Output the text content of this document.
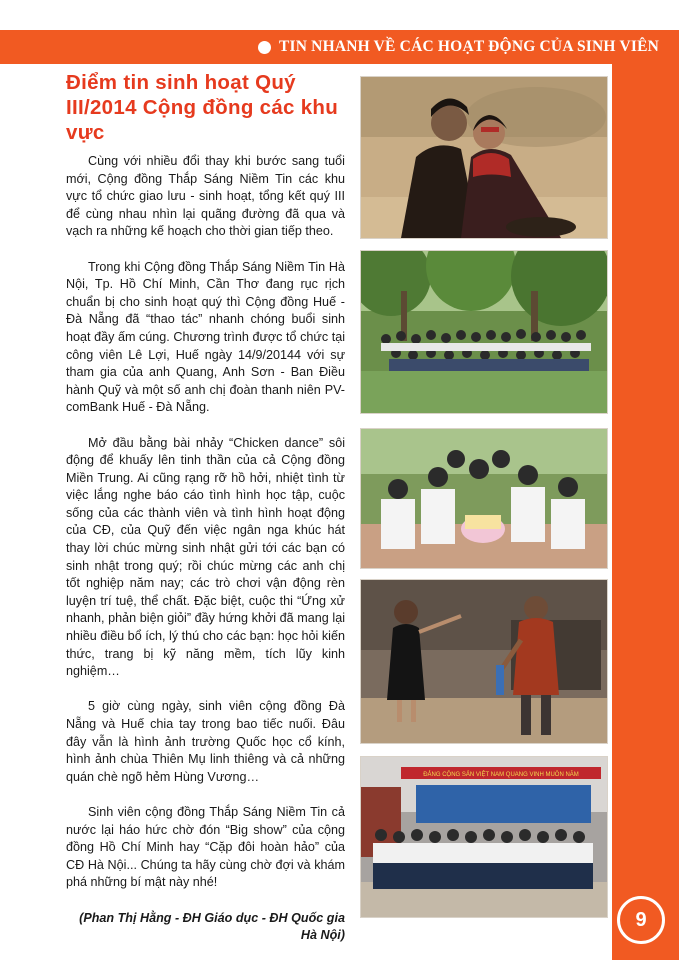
TIN NHANH VỀ CÁC HOẠT ĐỘNG CỦA SINH VIÊN
Điểm tin sinh hoạt Quý III/2014 Cộng đồng các khu vực

Cùng với nhiều đổi thay khi bước sang tuổi mới, Cộng đồng Thắp Sáng Niềm Tin các khu vực tổ chức giao lưu - sinh hoạt, tổng kết quý III để cùng nhau nhìn lại quãng đường đã qua và vạch ra những kế hoạch cho thời gian tiếp theo.

Trong khi Cộng đồng Thắp Sáng Niềm Tin Hà Nội, Tp. Hồ Chí Minh, Cần Thơ đang rục rịch chuẩn bị cho sinh hoạt quý thì Cộng đồng Huế - Đà Nẵng đã “thao tác” nhanh chóng buổi sinh hoạt đầy ấm cúng. Chương trình được tổ chức tại công viên Lê Lợi, Huế ngày 14/9/20144 với sự tham gia của anh Quang, Anh Sơn - Ban Điều hành Quỹ và một số anh chị đoàn thanh niên PV-comBank Huế - Đà Nẵng.

Mở đầu bằng bài nhảy “Chicken dance” sôi động để khuấy lên tinh thần của cả Cộng đồng Miền Trung. Ai cũng rạng rỡ hồ hởi, nhiệt tình từ việc lắng nghe báo cáo tình hình học tập, cuộc sống của các thành viên và tình hình hoạt động của CĐ, của Quỹ đến việc ngân nga khúc hát thay lời chúc mừng sinh nhật gửi tới các bạn có sinh nhật trong quý; rồi chúc mừng các anh chị tốt nghiệp năm nay; các trò chơi vận động rèn luyện trí tuệ, thể chất. Đặc biệt, cuộc thi “Ứng xử nhanh, phản biện giỏi” đầy hứng khởi đã mang lại nhiều điều bổ ích, lý thú cho các bạn: học hỏi kiến thức, trang bị kỹ năng mềm, tích lũy kinh nghiệm…

5 giờ cùng ngày, sinh viên cộng đồng Đà Nẵng và Huế chia tay trong bao tiếc nuối. Đâu đây vẫn là hình ảnh trường Quốc học cổ kính, hình ảnh chùa Thiên Mụ linh thiêng và cả những quán chè ngõ hẻm Hùng Vương…

Sinh viên cộng đồng Thắp Sáng Niềm Tin cả nước lại háo hức chờ đón “Big show” của cộng đồng Hồ Chí Minh hay “Cặp đôi hoàn hảo” của CĐ Hà Nội... Chúng ta hãy cùng chờ đợi và khám phá những bí mật này nhé!

(Phan Thị Hằng - ĐH Giáo dục - ĐH Quốc gia Hà Nội)

ĐẢNG CỘNG SẢN VIỆT NAM QUANG VINH MUÔN NĂM
9
